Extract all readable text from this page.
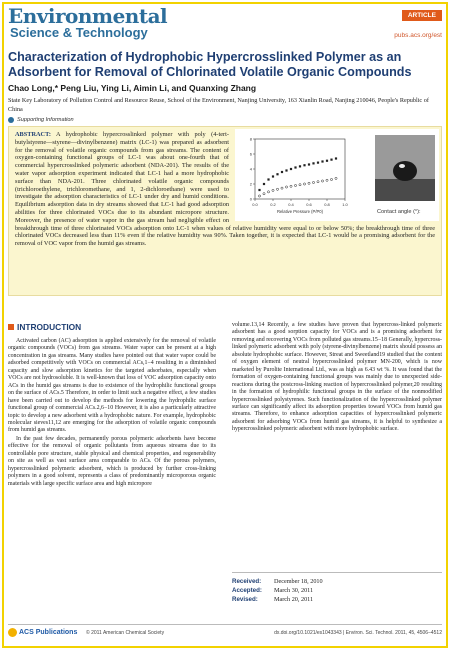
Environmental
Science & Technology
ARTICLE
pubs.acs.org/est
Characterization of Hydrophobic Hypercrosslinked Polymer as an Adsorbent for Removal of Chlorinated Volatile Organic Compounds
Chao Long,* Peng Liu, Ying Li, Aimin Li, and Quanxing Zhang
State Key Laboratory of Pollution Control and Resource Reuse, School of the Environment, Nanjing University, 163 Xianlin Road, Nanjing 210046, People's Republic of China
Supporting Information
0.0	0.2	0.4	0.6	0.8	1.0
0
2
4
6
8
Relative Pressure (P/P0)	Contact angle (°):
ABSTRACT: A hydrophobic hypercrosslinked polymer with poly (4-tert-butylstyrene—styrene—divinylbenzene) matrix (LC-1) was prepared as adsorbent for the removal of volatile organic compounds from gas streams. The content of oxygen-containing functional groups of LC-1 was about one-fourth that of commercial hypercrosslinked polymeric adsorbent (NDA-201). The results of the water vapor adsorption experiment indicated that LC-1 had a more hydrophobic surface than NDA-201. Three chlorinated volatile organic compounds (trichloroethylene, trichloromethane, and 1, 2-dichloroethane) were used to investigate the adsorption characteristics of LC-1 under dry and humid conditions. Equilibrium adsorption data in dry streams showed that LC-1 had good adsorption abilities for three chlorinated VOCs due to its abundant micropore structure. Moreover, the presence of water vapor in the gas stream had negligible effect on breakthrough time of three chlorinated VOCs adsorption onto LC-1 when values of relative humidity were equal to or below 50%; the breakthrough time of three chlorinated VOCs decreased less than 11% even if the relative humidity was 90%. Taken together, it is expected that LC-1 would be a promising adsorbent for the removal of VOC vapor from the humid gas streams.
INTRODUCTION

Activated carbon (AC) adsorption is applied extensively for the removal of volatile organic compounds (VOCs) from gas streams. Water vapor can be present at a high concentration in gas streams. Many studies have pointed out that water vapor could be adsorbed competitively with VOCs on commercial ACs,1−4 resulting in a diminished capacity and slow adsorption kinetics for the targeted adsorbates, especially when VOCs are not hydrosoluble. It is well-known that loss of VOC adsorption capacity onto ACs in the humid gas streams is due to existence of the hydrophilic functional groups on the surface of ACs.5 Therefore, in order to limit such a negative effect, a few studies have been carried out to develop the methods for lowering the hydrophilic surface functional group of commercial ACs.2,6−10 However, it is also a particularly attractive topic to develop a new adsorbent with a hydrophobic nature. For example, hydrophobic molecular sieves11,12 are emerging for the adsorption of volatile organic compounds from humid gas streams.

In the past few decades, permanently porous polymeric adsorbents have become effective for the removal of organic pollutants from aqueous streams due to its controllable pore structure, stable physical and chemical properties, and regenerability on site as well as vast surface area comparable to ACs. Of the porous polymers, hypercrosslinked polymeric adsorbent, which is produced by further cross-linking polymers in a good solvent, represents a class of predominantly microporous organic materials with large specific surface area and high micropore

volume.13,14 Recently, a few studies have proven that hypercross-linked polymeric adsorbent has a good sorption capacity for VOCs and is a promising adsorbent for removing and recovering VOCs from polluted gas streams.15−18 Generally, hypercross-linked polymeric adsorbent with poly (styrene-divinylbenzene) matrix should possess an absolute hydrophobic surface. However, Streat and Sweetland19 studied that the content of oxygen element of neutral hypercrosslinked polymer MN-200, which is now marketed by Purolite International Ltd., was as high as 6.43 wt %. It was found that the formation of oxygen-containing functional groups was mainly due to unexpected side-reactions during the postcross-linking reaction of hypercrosslinked polymer,20 resulting in the formation of hydrophilic functional groups in the surface of the nonmodified hypercrosslinked polystyrenes. Such functionalization of the hypercrosslinked polymer surface can significantly affect its adsorption properties toward VOCs from humid gas streams. Therefore, to enhance adsorption capacities of hypercrosslinked polymeric adsorbent for adsorbing VOCs from humid gas streams, it is helpful to synthesize a hypercrosslinked polymeric adsorbent with more hydrophobic surface.

Received:	December 18, 2010
Accepted:	March 30, 2011
Revised:	March 20, 2011
ACS Publications © 2011 American Chemical Society	dx.doi.org/10.1021/es1043343 | Environ. Sci. Technol. 2011, 45, 4506–4512
